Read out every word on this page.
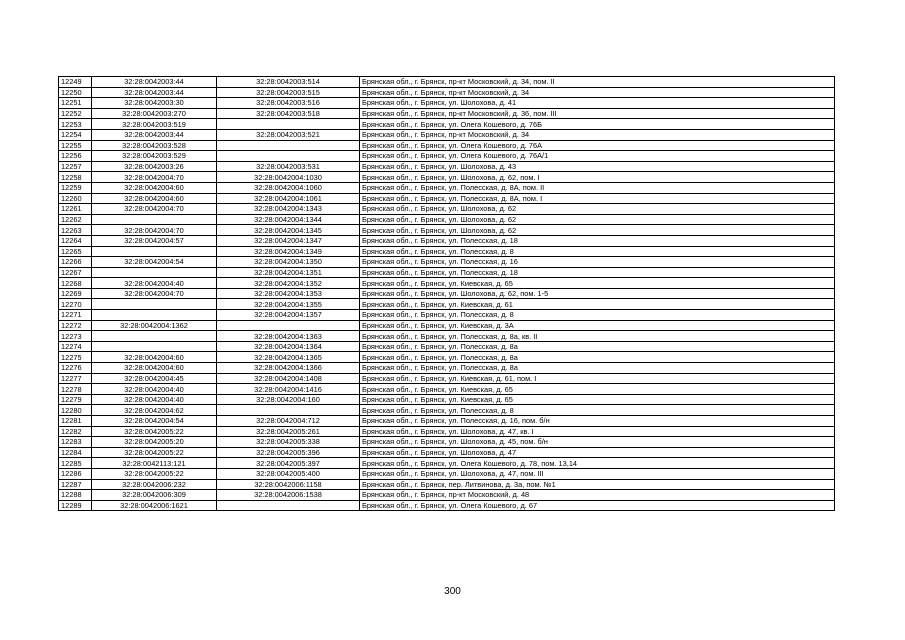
12249	32:28:0042003:44	32:28:0042003:514	Брянская обл., г. Брянск, пр-кт Московский, д. 34, пом. II
12250	32:28:0042003:44	32:28:0042003:515	Брянская обл., г. Брянск, пр-кт Московский, д. 34
12251	32:28:0042003:30	32:28:0042003:516	Брянская обл., г. Брянск, ул. Шолохова, д. 41
12252	32:28:0042003:270	32:28:0042003:518	Брянская обл., г. Брянск, пр-кт Московский, д. 36, пом. III
12253	32:28:0042003:519		Брянская обл., г. Брянск, ул. Олега Кошевого, д. 76Б
12254	32:28:0042003:44	32:28:0042003:521	Брянская обл., г. Брянск, пр-кт Московский, д. 34
12255	32:28:0042003:528		Брянская обл., г. Брянск, ул. Олега Кошевого, д. 76А
12256	32:28:0042003:529		Брянская обл., г. Брянск, ул. Олега Кошевого, д. 76А/1
12257	32:28:0042003:26	32:28:0042003:531	Брянская обл., г. Брянск, ул. Шолохова, д. 43
12258	32:28:0042004:70	32:28:0042004:1030	Брянская обл., г. Брянск, ул. Шолохова, д. 62, пом. I
12259	32:28:0042004:60	32:28:0042004:1060	Брянская обл., г. Брянск, ул. Полесская, д. 8А, пом. II
12260	32:28:0042004:60	32:28:0042004:1061	Брянская обл., г. Брянск, ул. Полесская, д. 8А, пом. I
12261	32:28:0042004:70	32:28:0042004:1343	Брянская обл., г. Брянск, ул. Шолохова, д. 62
12262		32:28:0042004:1344	Брянская обл., г. Брянск, ул. Шолохова, д. 62
12263	32:28:0042004:70	32:28:0042004:1345	Брянская обл., г. Брянск, ул. Шолохова, д. 62
12264	32:28:0042004:57	32:28:0042004:1347	Брянская обл., г. Брянск, ул. Полесская, д. 18
12265		32:28:0042004:1349	Брянская обл., г. Брянск, ул. Полесская, д. 8
12266	32:28:0042004:54	32:28:0042004:1350	Брянская обл., г. Брянск, ул. Полесская, д. 16
12267		32:28:0042004:1351	Брянская обл., г. Брянск, ул. Полесская, д. 18
12268	32:28:0042004:40	32:28:0042004:1352	Брянская обл., г. Брянск, ул. Киевская, д. 65
12269	32:28:0042004:70	32:28:0042004:1353	Брянская обл., г. Брянск, ул. Шолохова, д. 62, пом. 1-5
12270		32:28:0042004:1355	Брянская обл., г. Брянск, ул. Киевская, д. 61
12271		32:28:0042004:1357	Брянская обл., г. Брянск, ул. Полесская, д. 8
12272	32:28:0042004:1362		Брянская обл., г. Брянск, ул. Киевская, д. 3А
12273		32:28:0042004:1363	Брянская обл., г. Брянск, ул. Полесская, д. 8а, кв. II
12274		32:28:0042004:1364	Брянская обл., г. Брянск, ул. Полесская, д. 8а
12275	32:28:0042004:60	32:28:0042004:1365	Брянская обл., г. Брянск, ул. Полесская, д. 8а
12276	32:28:0042004:60	32:28:0042004:1366	Брянская обл., г. Брянск, ул. Полесская, д. 8а
12277	32:28:0042004:45	32:28:0042004:1408	Брянская обл., г. Брянск, ул. Киевская, д. 61, пом. I
12278	32:28:0042004:40	32:28:0042004:1416	Брянская обл., г. Брянск, ул. Киевская, д. 65
12279	32:28:0042004:40	32:28:0042004:160	Брянская обл., г. Брянск, ул. Киевская, д. 65
12280	32:28:0042004:62		Брянская обл., г. Брянск, ул. Полесская, д. 8
12281	32:28:0042004:54	32:28:0042004:712	Брянская обл., г. Брянск, ул. Полесская, д. 16, пом. б/н
12282	32:28:0042005:22	32:28:0042005:261	Брянская обл., г. Брянск, ул. Шолохова, д. 47, кв. I
12283	32:28:0042005:20	32:28:0042005:338	Брянская обл., г. Брянск, ул. Шолохова, д. 45, пом. б/н
12284	32:28:0042005:22	32:28:0042005:396	Брянская обл., г. Брянск, ул. Шолохова, д. 47
12285	32:28:0042113:121	32:28:0042005:397	Брянская обл., г. Брянск, ул. Олега Кошевого, д. 78, пом. 13,14
12286	32:28:0042005:22	32:28:0042005:400	Брянская обл., г. Брянск, ул. Шолохова, д. 47, пом. III
12287	32:28:0042006:232	32:28:0042006:1158	Брянская обл., г. Брянск, пер. Литвинова, д. 3а, пом. №1
12288	32:28:0042006:309	32:28:0042006:1538	Брянская обл., г. Брянск, пр-кт Московский, д. 48
12289	32:28:0042006:1621		Брянская обл., г. Брянск, ул. Олега Кошевого, д. 67
300
